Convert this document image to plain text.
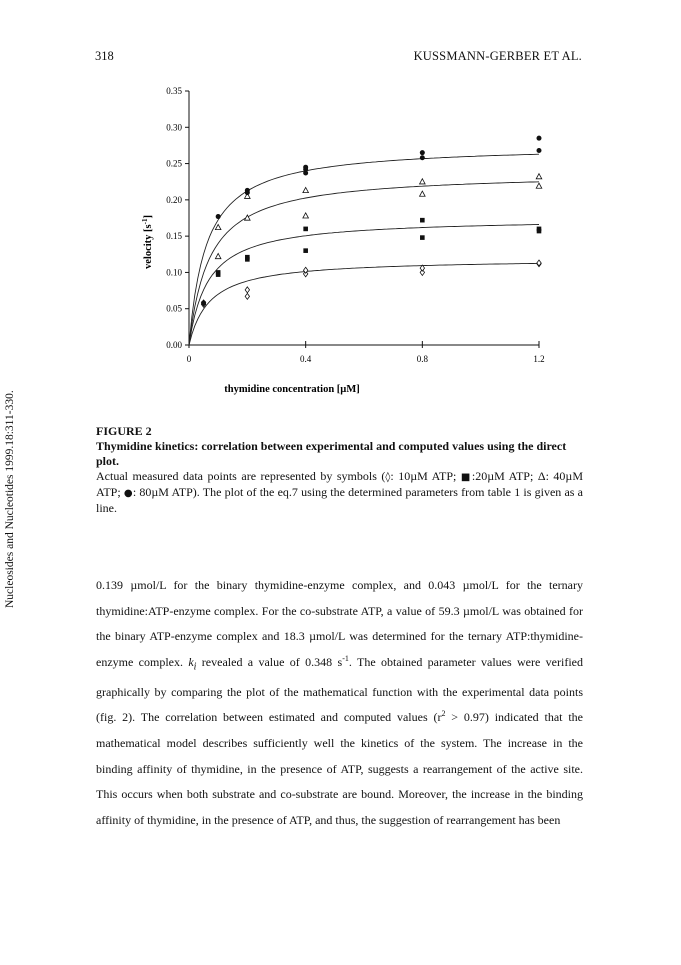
318	KUSSMANN-GERBER ET AL.
Nucleosides and Nucleotides 1999.18:311-330.
0.00
0.05
0.10
0.15
0.20
0.25
0.30
0.35
0	0.4	0.8	1.2
thymidine concentration [µM]
velocity $[s^{-1}]$
FIGURE 2
Thymidine kinetics: correlation between experimental and computed values using the direct plot.
Actual measured data points are represented by symbols (◊: 10µM ATP; ■:20µM ATP; Δ: 40µM ATP; ●: 80µM ATP). The plot of the eq.7 using the determined parameters from table 1 is given as a line.
0.139 µmol/L for the binary thymidine-enzyme complex, and 0.043 µmol/L for the ternary thymidine:ATP-enzyme complex. For the co-substrate ATP, a value of 59.3 µmol/L was obtained for the binary ATP-enzyme complex and 18.3 µmol/L was determined for the ternary ATP:thymidine-enzyme complex. $k_i$ revealed a value of 0.348 $s^{-1}$. The obtained parameter values were verified graphically by comparing the plot of the mathematical function with the experimental data points (fig. 2). The correlation between estimated and computed values $(r^2 > 0.97)$ indicated that the mathematical model describes sufficiently well the kinetics of the system. The increase in the binding affinity of thymidine, in the presence of ATP, suggests a rearrangement of the active site. This occurs when both substrate and co-substrate are bound. Moreover, the increase in the binding affinity of thymidine, in the presence of ATP, and thus, the suggestion of rearrangement has been
